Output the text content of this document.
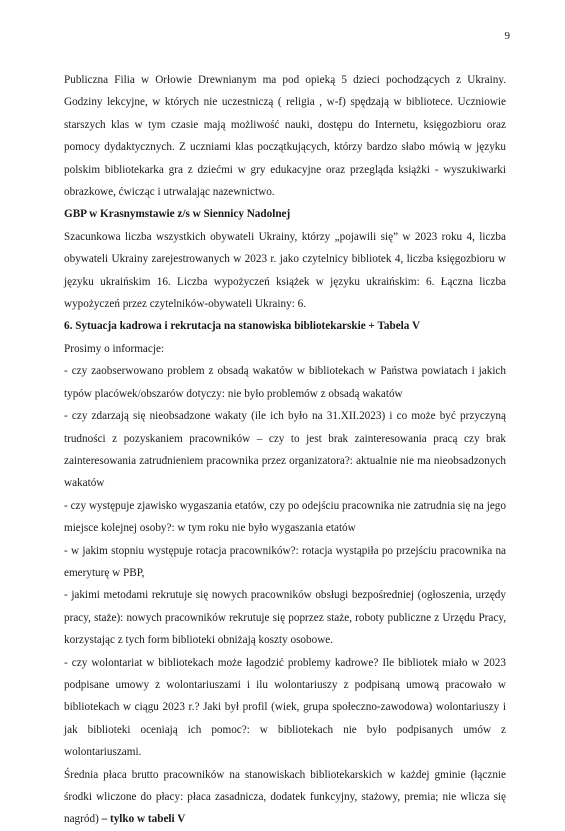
9

Publiczna Filia w Orłowie Drewnianym ma pod opieką 5 dzieci pochodzących z Ukrainy. Godziny lekcyjne, w których nie uczestniczą ( religia , w-f) spędzają w bibliotece. Uczniowie starszych klas w tym czasie mają możliwość nauki, dostępu do Internetu, księgozbioru oraz pomocy dydaktycznych. Z uczniami klas początkujących, którzy bardzo słabo mówią w języku polskim bibliotekarka gra z dziećmi w gry edukacyjne oraz przegląda książki - wyszukiwarki obrazkowe, ćwicząc i utrwalając nazewnictwo.

GBP w Krasnymstawie z/s w Siennicy Nadolnej

Szacunkowa liczba wszystkich obywateli Ukrainy, którzy „pojawili się” w 2023 roku 4, liczba obywateli Ukrainy zarejestrowanych w 2023 r. jako czytelnicy bibliotek 4, liczba księgozbioru w języku ukraińskim 16. Liczba wypożyczeń książek w języku ukraińskim: 6. Łączna liczba wypożyczeń przez czytelników-obywateli Ukrainy: 6.

6. Sytuacja kadrowa i rekrutacja na stanowiska bibliotekarskie + Tabela V

Prosimy o informacje:

- czy zaobserwowano problem z obsadą wakatów w bibliotekach w Państwa powiatach i jakich typów placówek/obszarów dotyczy: nie było problemów z obsadą wakatów

- czy zdarzają się nieobsadzone wakaty (ile ich było na 31.XII.2023) i co może być przyczyną trudności z pozyskaniem pracowników – czy to jest brak zainteresowania pracą czy brak zainteresowania zatrudnieniem pracownika przez organizatora?: aktualnie nie ma nieobsadzonych wakatów

- czy występuje zjawisko wygaszania etatów, czy po odejściu pracownika nie zatrudnia się na jego miejsce kolejnej osoby?: w tym roku nie było wygaszania etatów

- w jakim stopniu występuje rotacja pracowników?: rotacja wystąpiła po przejściu pracownika na emeryturę w PBP,

- jakimi metodami rekrutuje się nowych pracowników obsługi bezpośredniej (ogłoszenia, urzędy pracy, staże): nowych pracowników rekrutuje się poprzez staże, roboty publiczne z Urzędu Pracy, korzystając z tych form biblioteki obniżają koszty osobowe.

- czy wolontariat w bibliotekach może łagodzić problemy kadrowe? Ile bibliotek miało w 2023 podpisane umowy z wolontariuszami i ilu wolontariuszy z podpisaną umową pracowało w bibliotekach w ciągu 2023 r.? Jaki był profil (wiek, grupa społeczno-zawodowa) wolontariuszy i jak biblioteki oceniają ich pomoc?: w bibliotekach nie było podpisanych umów z wolontariuszami.

Średnia płaca brutto pracowników na stanowiskach bibliotekarskich w każdej gminie (łącznie środki wliczone do płacy: płaca zasadnicza, dodatek funkcyjny, stażowy, premia; nie wlicza się nagród) – tylko w tabeli V
